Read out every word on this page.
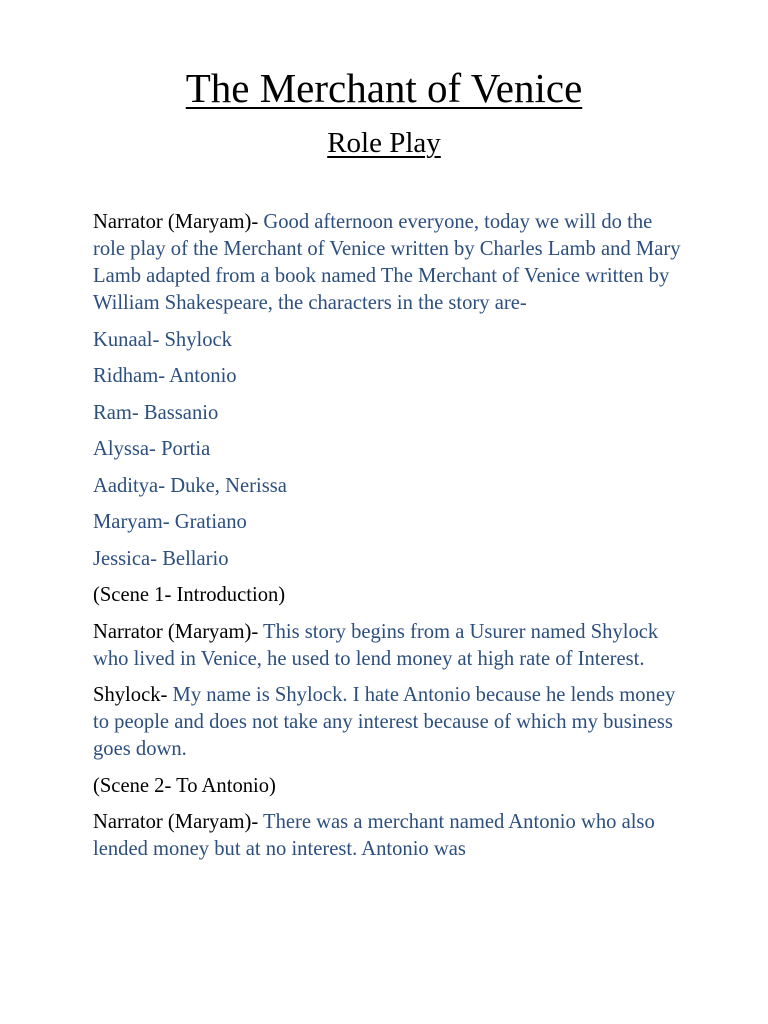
The Merchant of Venice
Role Play

Narrator (Maryam)- Good afternoon everyone, today we will do the role play of the Merchant of Venice written by Charles Lamb and Mary Lamb adapted from a book named The Merchant of Venice written by William Shakespeare, the characters in the story are-

Kunaal- Shylock

Ridham- Antonio

Ram- Bassanio

Alyssa- Portia

Aaditya- Duke, Nerissa

Maryam- Gratiano

Jessica- Bellario

(Scene 1- Introduction)

Narrator (Maryam)- This story begins from a Usurer named Shylock who lived in Venice, he used to lend money at high rate of Interest.

Shylock- My name is Shylock. I hate Antonio because he lends money to people and does not take any interest because of which my business goes down.

(Scene 2- To Antonio)

Narrator (Maryam)- There was a merchant named Antonio who also lended money but at no interest. Antonio was
